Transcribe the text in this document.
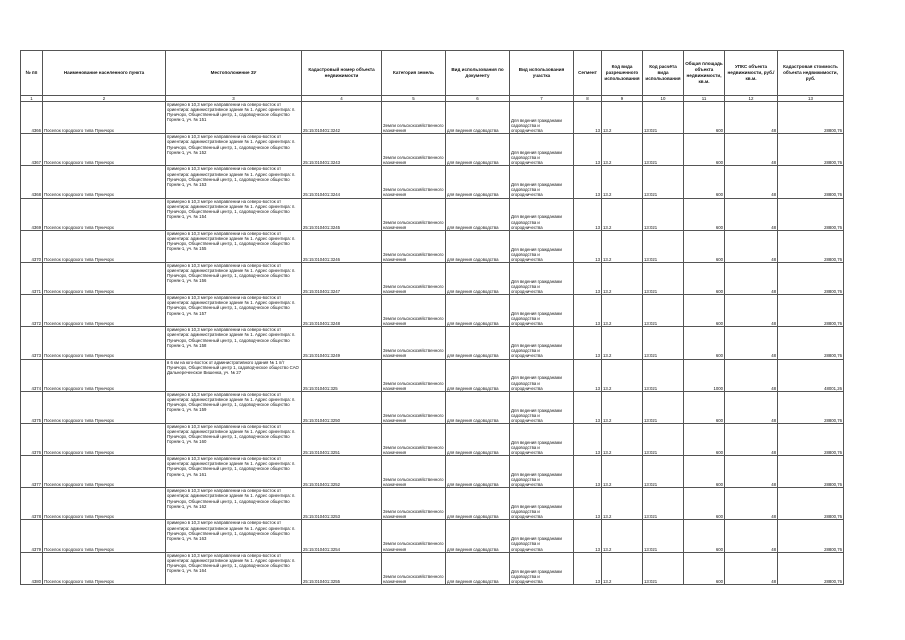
№ пп	Наименование населенного пункта	Местоположение ЗУ	Кадастровый номер объекта недвижимости	Категория земель	Вид использования по документу	Вид использования участка	Сегмент	Код вида разрешенного использования	Код расчёта вида использования	Общая площадь объекта недвижимости, кв.м.	УПКС объекта недвижимости, руб./кв.м.	Кадастровая стоимость объекта недвижимости, руб.
1	2	3	4	5	6	7	8	9	10	11	12	13
4366	Поселок городского типа Пуничорх	примерно в 10,3 метре направлении на северо-восток от ориентира: административное здание № 1. Адрес ориентира: п. Пуничорх, Общественный центр, 1, садоводческое общество Горняк-1, уч. № 151	25:15:010401:3242	Земли сельскохозяйственного назначения	для ведения садоводства	Для ведения гражданами садоводства и огородничества	13	13.2	13:021	600	48	28800,76
4367	Поселок городского типа Пуничорх	примерно в 10,3 метре направлении на северо-восток от ориентира: административное здание № 1. Адрес ориентира: п. Пуничорх, Общественный центр, 1, садоводческое общество Горняк-1, уч. № 152	25:15:010401:3243	Земли сельскохозяйственного назначения	для ведения садоводства	Для ведения гражданами садоводства и огородничества	13	13.2	13:021	600	48	28800,76
4368	Поселок городского типа Пуничорх	примерно в 10,3 метре направлении на северо-восток от ориентира: административное здание № 1. Адрес ориентира: п. Пуничорх, Общественный центр, 1, садоводческое общество Горняк-1, уч. № 153	25:15:010401:3244	Земли сельскохозяйственного назначения	для ведения садоводства	Для ведения гражданами садоводства и огородничества	13	13.2	13:021	600	48	28800,76
4369	Поселок городского типа Пуничорх	примерно в 10,3 метре направлении на северо-восток от ориентира: административное здание № 1. Адрес ориентира: п. Пуничорх, Общественный центр, 1, садоводческое общество Горняк-1, уч. № 154	25:15:010401:3245	Земли сельскохозяйственного назначения	для ведения садоводства	Для ведения гражданами садоводства и огородничества	13	13.2	13:021	600	48	28800,76
4370	Поселок городского типа Пуничорх	примерно в 10,3 метре направлении на северо-восток от ориентира: административное здание № 1. Адрес ориентира: п. Пуничорх, Общественный центр, 1, садоводческое общество Горняк-1, уч. № 155	25:15:010401:3246	Земли сельскохозяйственного назначения	для ведения садоводства	Для ведения гражданами садоводства и огородничества	13	13.2	13:021	600	48	28800,76
4371	Поселок городского типа Пуничорх	примерно в 10,3 метре направлении на северо-восток от ориентира: административное здание № 1. Адрес ориентира: п. Пуничорх, Общественный центр, 1, садоводческое общество Горняк-1, уч. № 156	25:15:010401:3247	Земли сельскохозяйственного назначения	для ведения садоводства	Для ведения гражданами садоводства и огородничества	13	13.2	13:021	600	48	28800,76
4372	Поселок городского типа Пуничорх	примерно в 10,3 метре направлении на северо-восток от ориентира: административное здание № 1. Адрес ориентира: п. Пуничорх, Общественный центр, 1, садоводческое общество Горняк-1, уч. № 157	25:15:010401:3248	Земли сельскохозяйственного назначения	для ведения садоводства	Для ведения гражданами садоводства и огородничества	13	13.2	13:021	600	48	28800,76
4373	Поселок городского типа Пуничорх	примерно в 10,3 метре направлении на северо-восток от ориентира: административное здание № 1. Адрес ориентира: п. Пуничорх, Общественный центр, 1, садоводческое общество Горняк-1, уч. № 158	25:15:010401:3249	Земли сельскохозяйственного назначения	для ведения садоводства	Для ведения гражданами садоводства и огородничества	13	13.2	13:021	600	48	28800,76
4374	Поселок городского типа Пуничорх	в 6 км на юго-восток от административного здания № 1 п/т Пуничорх, Общественный центр 1, садоводческое общество САО Дальнереченское Вишенка, уч. № 27	25:15:010401:325	Земли сельскохозяйственного назначения	для ведения садоводства	Для ведения гражданами садоводства и огородничества	13	13.2	13:021	1000	48	48001,26
4375	Поселок городского типа Пуничорх	примерно в 10,3 метре направлении на северо-восток от ориентира: административное здание № 1. Адрес ориентира: п. Пуничорх, Общественный центр, 1, садоводческое общество Горняк-1, уч. № 159	25:15:010401:3250	Земли сельскохозяйственного назначения	для ведения садоводства	Для ведения гражданами садоводства и огородничества	13	13.2	13:021	600	48	28800,76
4376	Поселок городского типа Пуничорх	примерно в 10,3 метре направлении на северо-восток от ориентира: административное здание № 1. Адрес ориентира: п. Пуничорх, Общественный центр, 1, садоводческое общество Горняк-1, уч. № 160	25:15:010401:3251	Земли сельскохозяйственного назначения	для ведения садоводства	Для ведения гражданами садоводства и огородничества	13	13.2	13:021	600	48	28800,76
4377	Поселок городского типа Пуничорх	примерно в 10,3 метре направлении на северо-восток от ориентира: административное здание № 1. Адрес ориентира: п. Пуничорх, Общественный центр, 1, садоводческое общество Горняк-1, уч. № 161	25:15:010401:3252	Земли сельскохозяйственного назначения	для ведения садоводства	Для ведения гражданами садоводства и огородничества	13	13.2	13:021	600	48	28800,76
4378	Поселок городского типа Пуничорх	примерно в 10,3 метре направлении на северо-восток от ориентира: административное здание № 1. Адрес ориентира: п. Пуничорх, Общественный центр, 1, садоводческое общество Горняк-1, уч. № 162	25:15:010401:3253	Земли сельскохозяйственного назначения	для ведения садоводства	Для ведения гражданами садоводства и огородничества	13	13.2	13:021	600	48	28800,76
4379	Поселок городского типа Пуничорх	примерно в 10,3 метре направлении на северо-восток от ориентира: административное здание № 1. Адрес ориентира: п. Пуничорх, Общественный центр, 1, садоводческое общество Горняк-1, уч. № 163	25:15:010401:3254	Земли сельскохозяйственного назначения	для ведения садоводства	Для ведения гражданами садоводства и огородничества	13	13.2	13:021	600	48	28800,76
4380	Поселок городского типа Пуничорх	примерно в 10,3 метре направлении на северо-восток от ориентира: административное здание № 1. Адрес ориентира: п. Пуничорх, Общественный центр, 1, садоводческое общество Горняк-1, уч. № 164	25:15:010401:3255	Земли сельскохозяйственного назначения	для ведения садоводства	Для ведения гражданами садоводства и огородничества	13	13.2	13:021	600	48	28800,76
